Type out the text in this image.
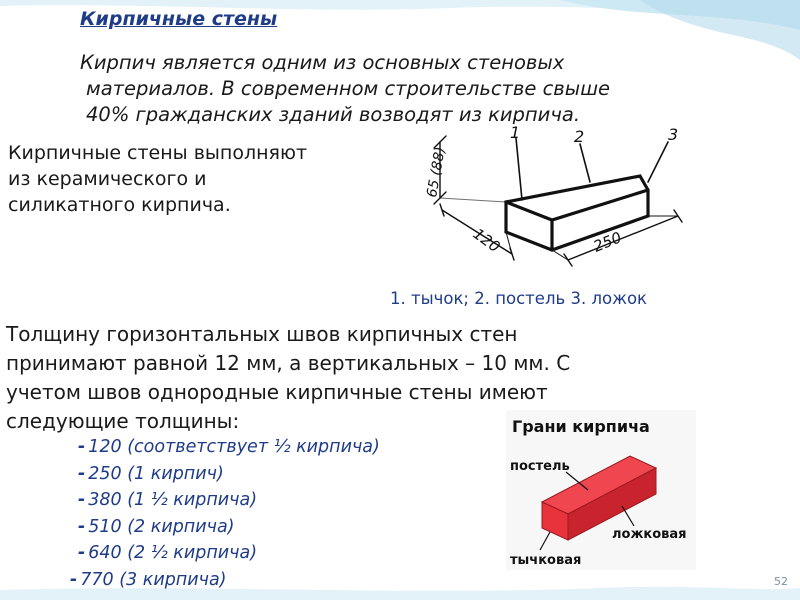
Кирпичные стены

Кирпич является одним из основных стеновых
материалов. В современном строительстве свыше
40% гражданских зданий возводят из кирпича.

Кирпичные стены выполняют
из керамического и
силикатного кирпича.

1	2	3
65 (88)
120	250

1. тычок; 2. постель 3. ложок

Толщину горизонтальных швов кирпичных стен
принимают равной 12 мм, а вертикальных – 10 мм. С
учетом швов однородные кирпичные стены имеют
следующие толщины:

- 120 (соответствует ½ кирпича)
- 250 (1 кирпич)
- 380 (1 ½ кирпича)
- 510 (2 кирпича)
- 640 (2 ½ кирпича)
- 770 (3 кирпича)
Грани кирпича
постель
ложковая
тычковая
52
